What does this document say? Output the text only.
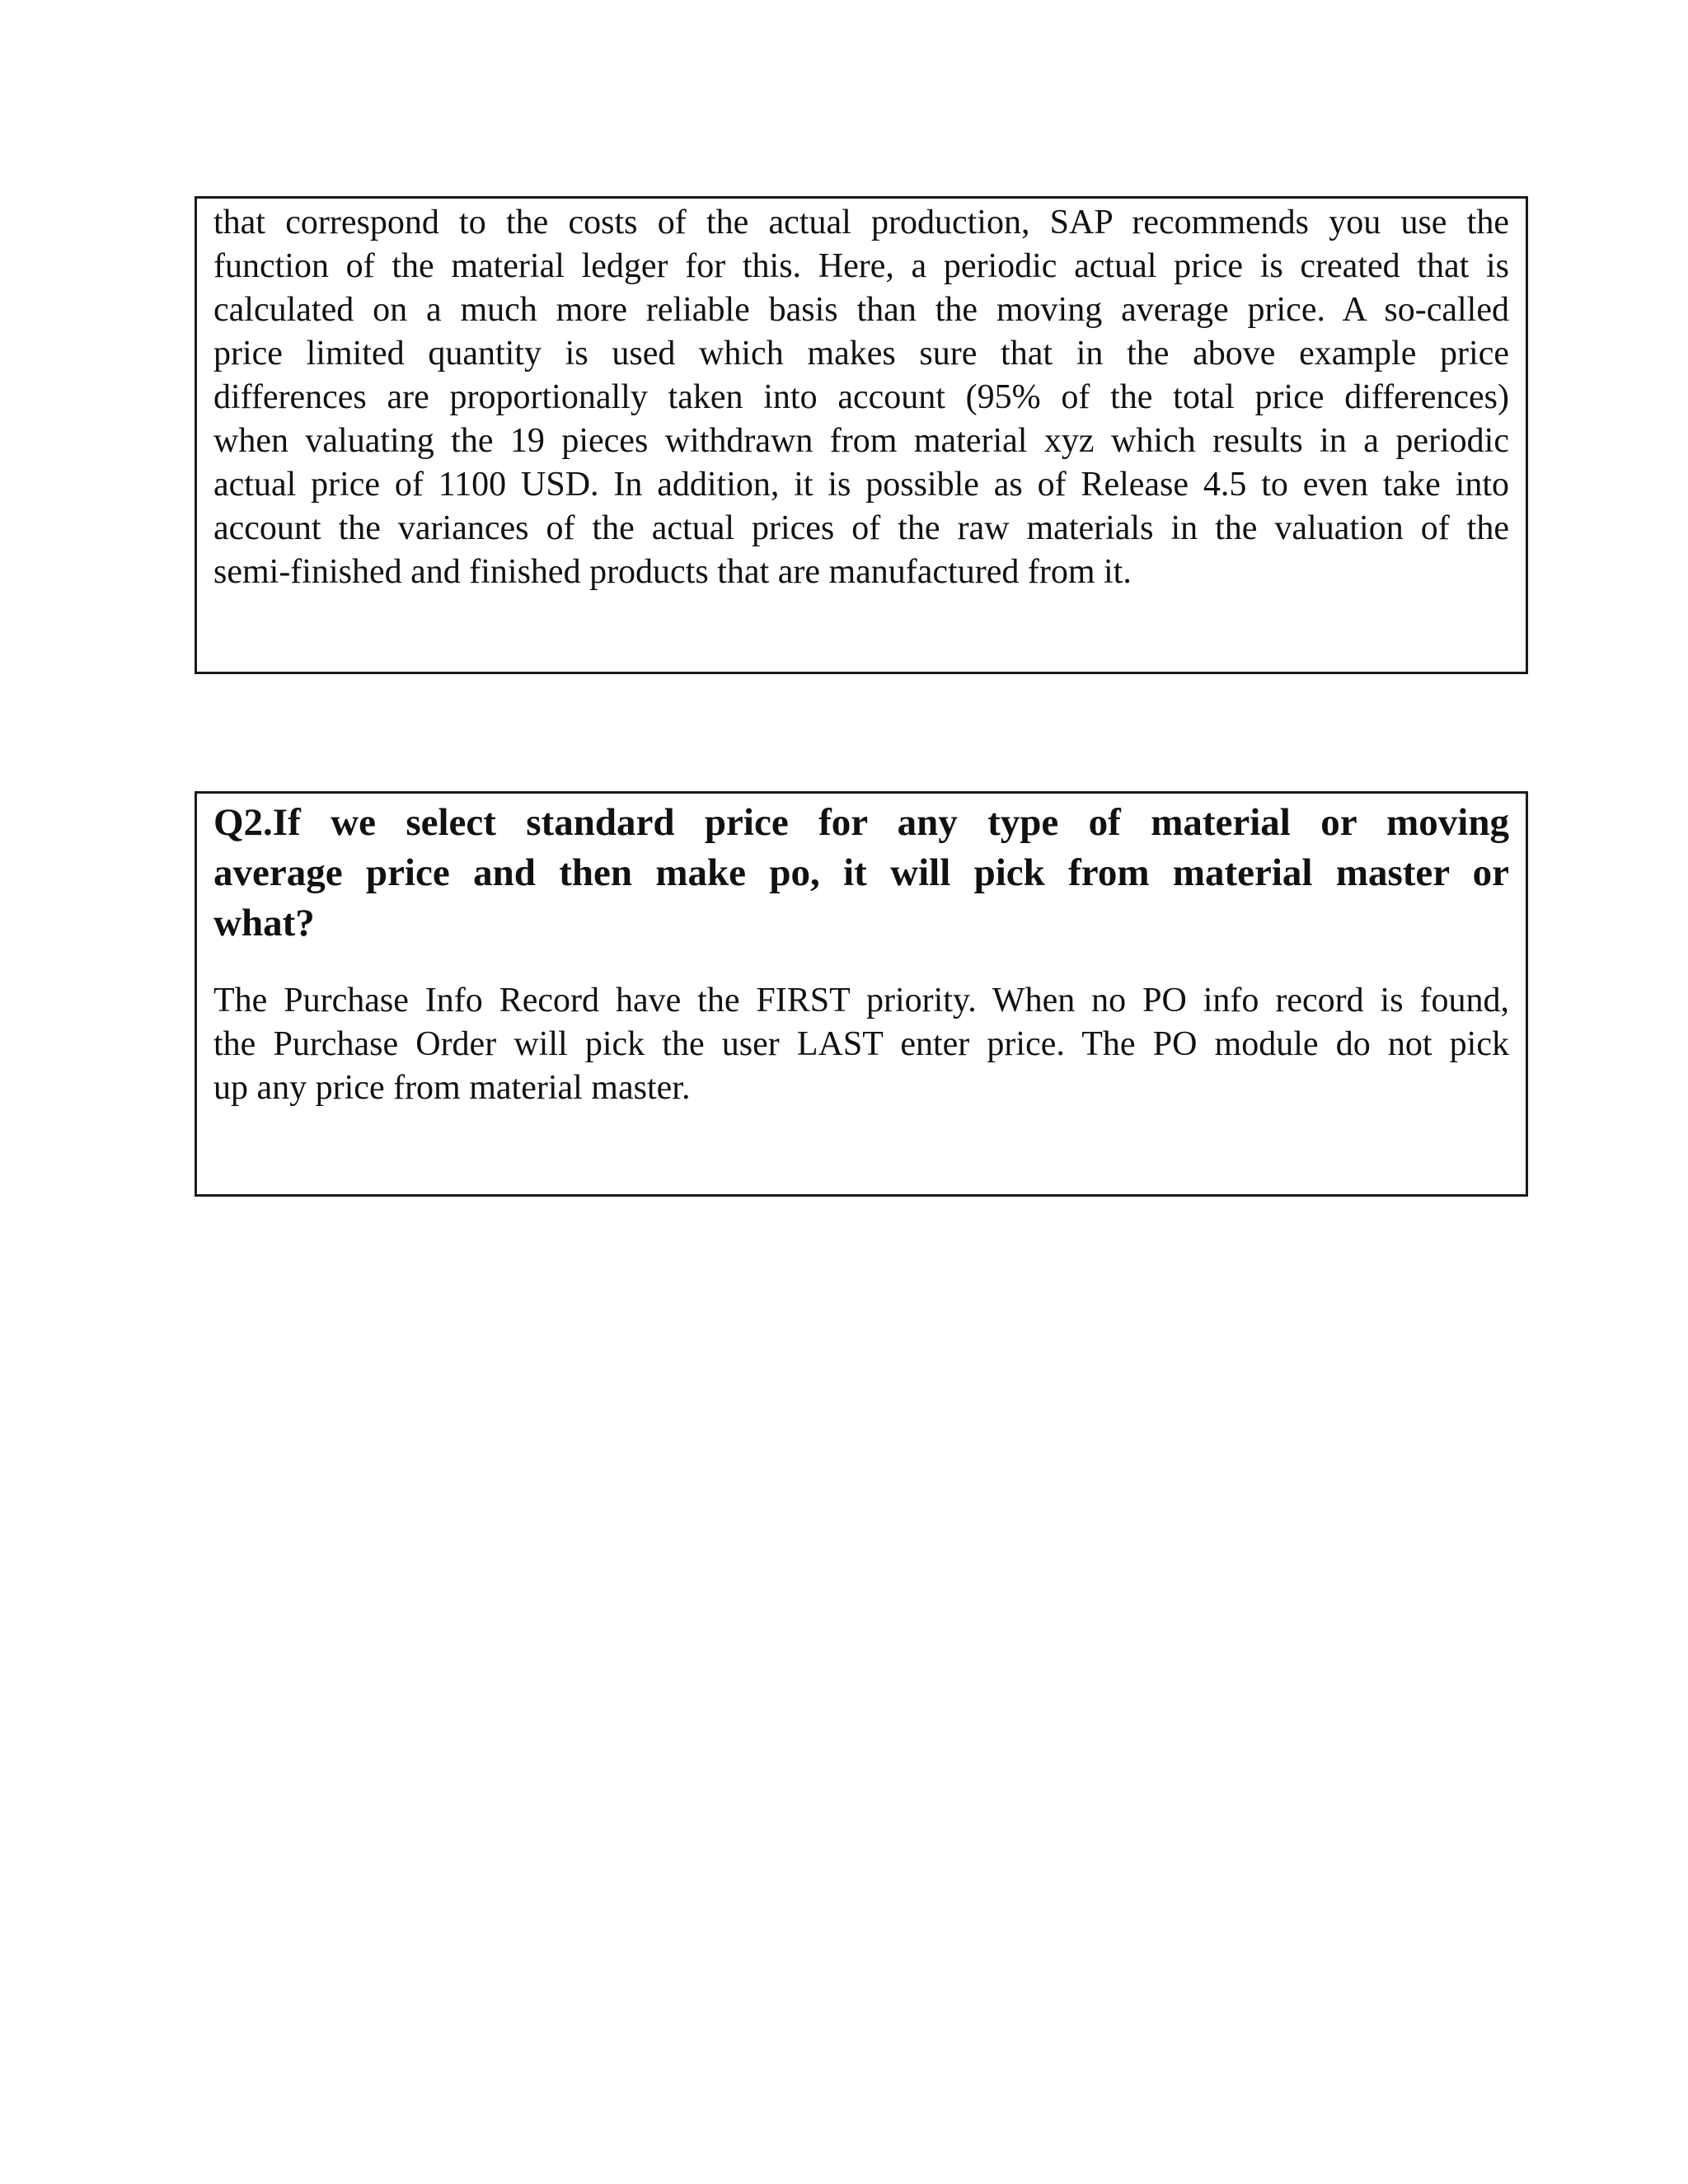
that correspond to the costs of the actual production, SAP recommends you use the
function of the material ledger for this. Here, a periodic actual price is created that is
calculated on a much more reliable basis than the moving average price. A so-called
price limited quantity is used which makes sure that in the above example price
differences are proportionally taken into account (95% of the total price differences)
when valuating the 19 pieces withdrawn from material xyz which results in a periodic
actual price of 1100 USD. In addition, it is possible as of Release 4.5 to even take into
account the variances of the actual prices of the raw materials in the valuation of the
semi-finished and finished products that are manufactured from it.
Q2.If we select standard price for any type of material or moving
average price and then make po, it will pick from material master or
what?
The Purchase Info Record have the FIRST priority. When no PO info record is found,
the Purchase Order will pick the user LAST enter price. The PO module do not pick
up any price from material master.
